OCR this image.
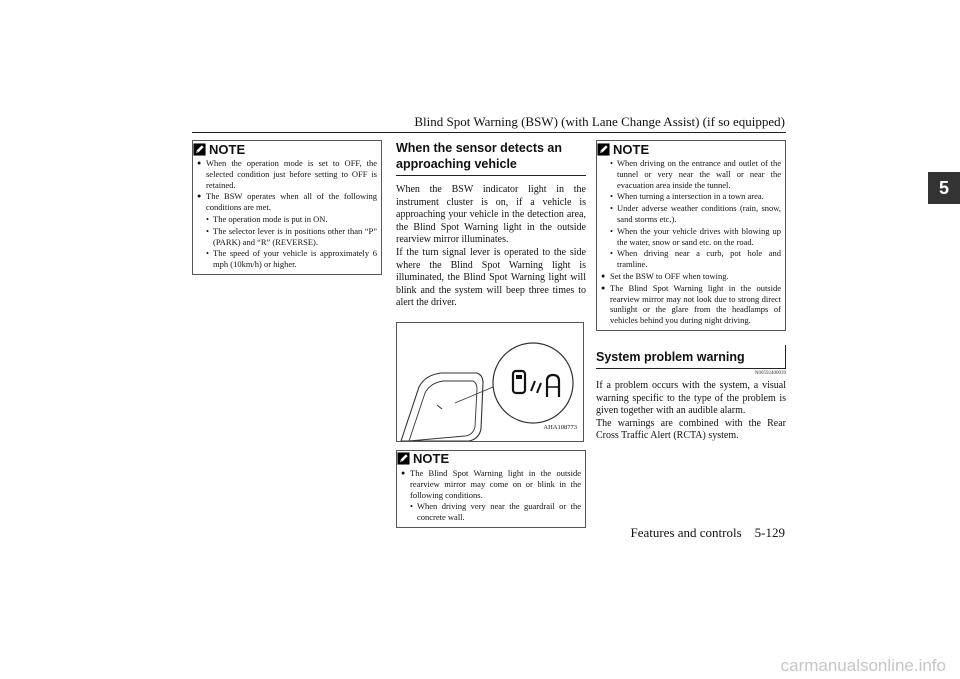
Blind Spot Warning (BSW) (with Lane Change Assist) (if so equipped)
5
NOTE
● When the operation mode is set to OFF, the selected condition just before setting to OFF is retained.
● The BSW operates when all of the following conditions are met.
• The operation mode is put in ON.
• The selector lever is in positions other than “P” (PARK) and “R” (REVERSE).
• The speed of your vehicle is approximately 6 mph (10km/h) or higher.
When the sensor detects an approaching vehicle
When the BSW indicator light in the instrument cluster is on, if a vehicle is approaching your vehicle in the detection area, the Blind Spot Warning light in the outside rearview mirror illuminates.
If the turn signal lever is operated to the side where the Blind Spot Warning light is illuminated, the Blind Spot Warning light will blink and the system will beep three times to alert the driver.
AHA108773
NOTE
● The Blind Spot Warning light in the outside rearview mirror may come on or blink in the following conditions.
• When driving very near the guardrail or the concrete wall.
NOTE
• When driving on the entrance and outlet of the tunnel or very near the wall or near the evacuation area inside the tunnel.
• When turning a intersection in a town area.
• Under adverse weather conditions (rain, snow, sand storms etc.).
• When the your vehicle drives with blowing up the water, snow or sand etc. on the road.
• When driving near a curb, pot hole and tramline.
● Set the BSW to OFF when towing.
● The Blind Spot Warning light in the outside rearview mirror may not look due to strong direct sunlight or the glare from the headlamps of vehicles behind you during night driving.
System problem warning
N00592400039
If a problem occurs with the system, a visual warning specific to the type of the problem is given together with an audible alarm.
The warnings are combined with the Rear Cross Traffic Alert (RCTA) system.
Features and controls    5-129
carmanualsonline.info
